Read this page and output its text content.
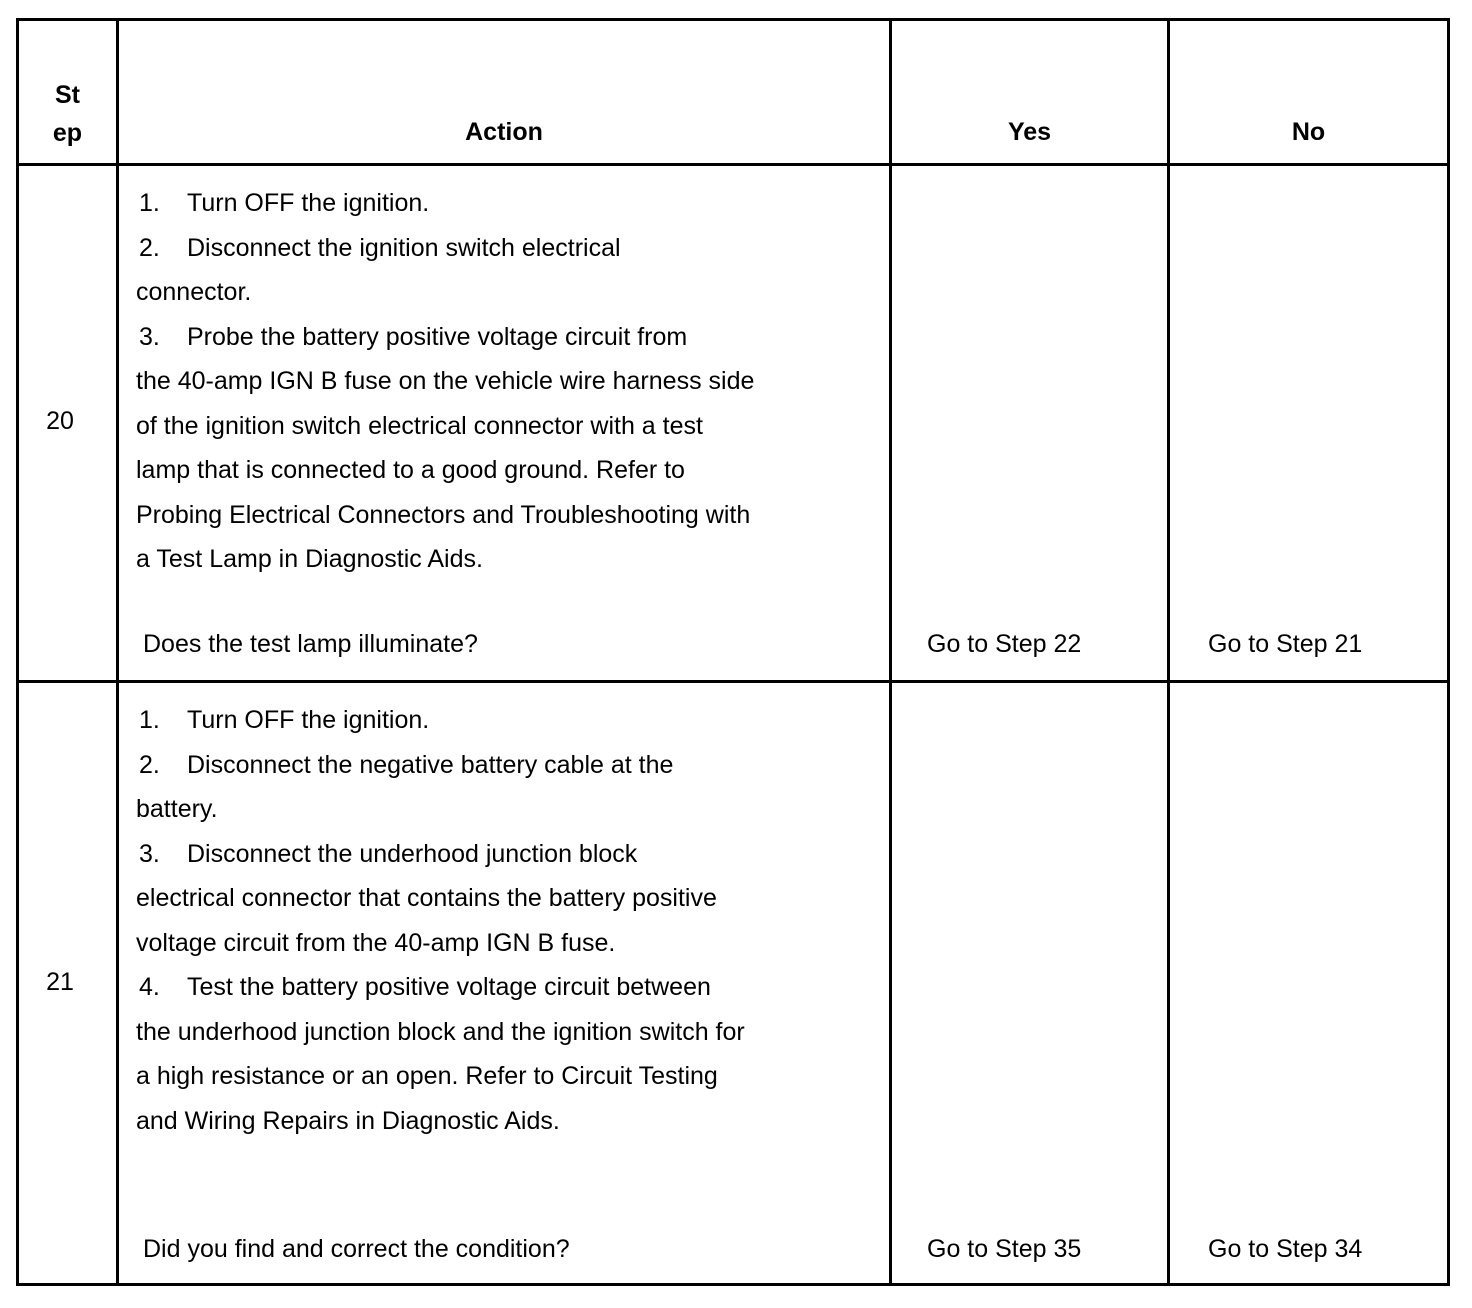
St
ep	Action	Yes	No
20
1. Turn OFF the ignition.
2. Disconnect the ignition switch electrical
connector.
3. Probe the battery positive voltage circuit from
the 40-amp IGN B fuse on the vehicle wire harness side
of the ignition switch electrical connector with a test
lamp that is connected to a good ground. Refer to
Probing Electrical Connectors and Troubleshooting with
a Test Lamp in Diagnostic Aids.
Does the test lamp illuminate?	Go to Step 22	Go to Step 21
21
1. Turn OFF the ignition.
2. Disconnect the negative battery cable at the
battery.
3. Disconnect the underhood junction block
electrical connector that contains the battery positive
voltage circuit from the 40-amp IGN B fuse.
4. Test the battery positive voltage circuit between
the underhood junction block and the ignition switch for
a high resistance or an open. Refer to Circuit Testing
and Wiring Repairs in Diagnostic Aids.
Did you find and correct the condition?	Go to Step 35	Go to Step 34
